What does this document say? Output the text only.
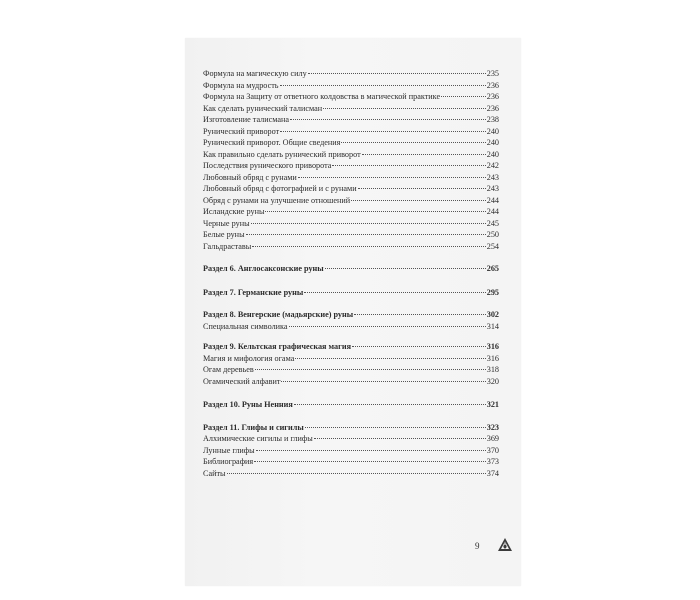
Формула на магическую силу	235
Формула на мудрость	236
Формула на Защиту от ответного колдовства в магической практике	236
Как сделать рунический талисман	236
Изготовление талисмана	238
Рунический приворот	240
Рунический приворот. Общие сведения	240
Как правильно сделать рунический приворот	240
Последствия рунического приворота	242
Любовный обряд с рунами	243
Любовный обряд с фотографией и с рунами	243
Обряд с рунами на улучшение отношений	244
Исландские руны	244
Черные руны	245
Белые руны	250
Гальдраставы	254
Раздел 6. Англосаксонские руны	265
Раздел 7. Германские руны	295
Раздел 8. Венгерские (мадьярские) руны	302
Специальная символика	314
Раздел 9. Кельтская графическая магия	316
Магия и мифология огама	316
Огам деревьев	318
Огамический алфавит	320
Раздел 10. Руны Ненния	321
Раздел 11. Глифы и сигилы	323
Алхимические сигилы и глифы	369
Лунные глифы	370
Библиография	373
Сайты	374
9
